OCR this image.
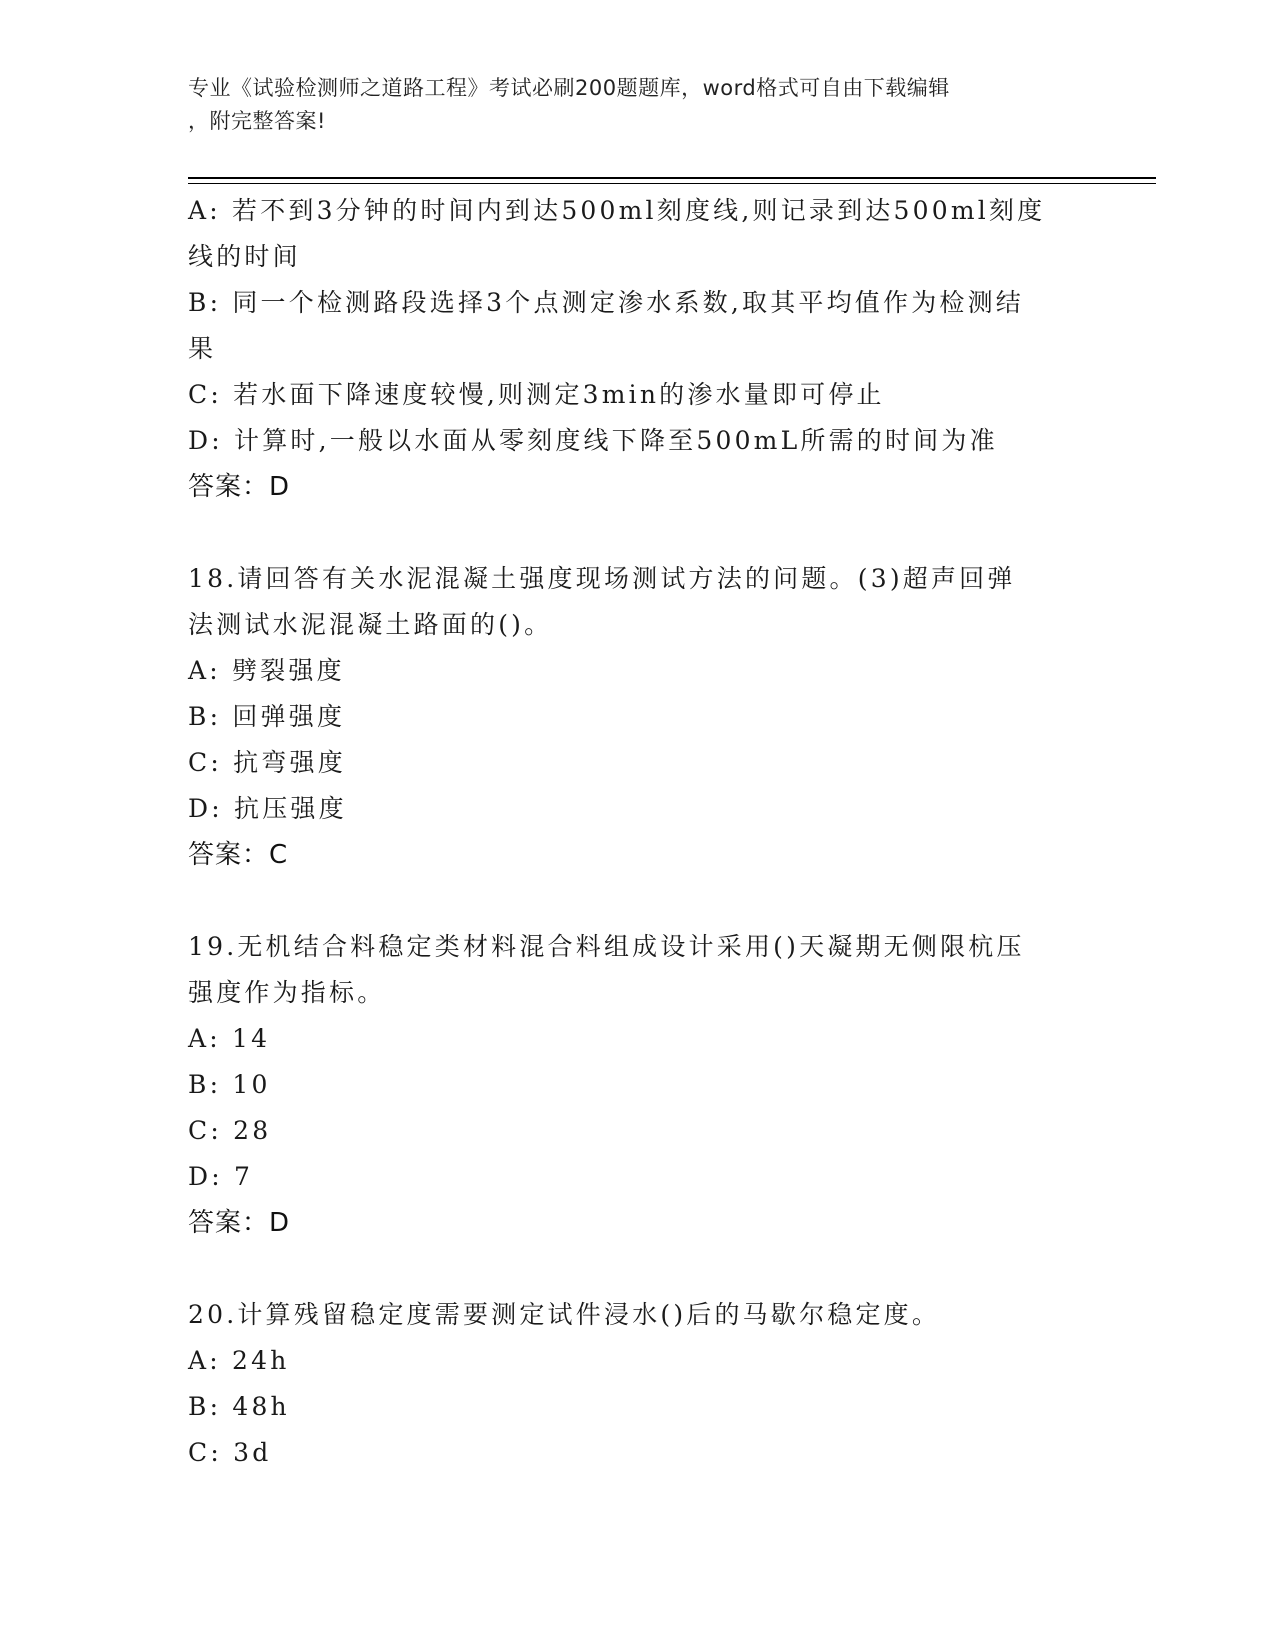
专业《试验检测师之道路工程》考试必刷200题题库，word格式可自由下载编辑
，附完整答案!
A: 若不到3分钟的时间内到达500ml刻度线,则记录到达500ml刻度
线的时间
B: 同一个检测路段选择3个点测定渗水系数,取其平均值作为检测结
果
C: 若水面下降速度较慢,则测定3min的渗水量即可停止
D: 计算时,一般以水面从零刻度线下降至500mL所需的时间为准
答案：D
18.请回答有关水泥混凝土强度现场测试方法的问题。(3)超声回弹
法测试水泥混凝土路面的()。
A: 劈裂强度
B: 回弹强度
C: 抗弯强度
D: 抗压强度
答案：C
19.无机结合料稳定类材料混合料组成设计采用()天凝期无侧限杭压
强度作为指标。
A: 14
B: 10
C: 28
D: 7
答案：D
20.计算残留稳定度需要测定试件浸水()后的马歇尔稳定度。
A: 24h
B: 48h
C: 3d
